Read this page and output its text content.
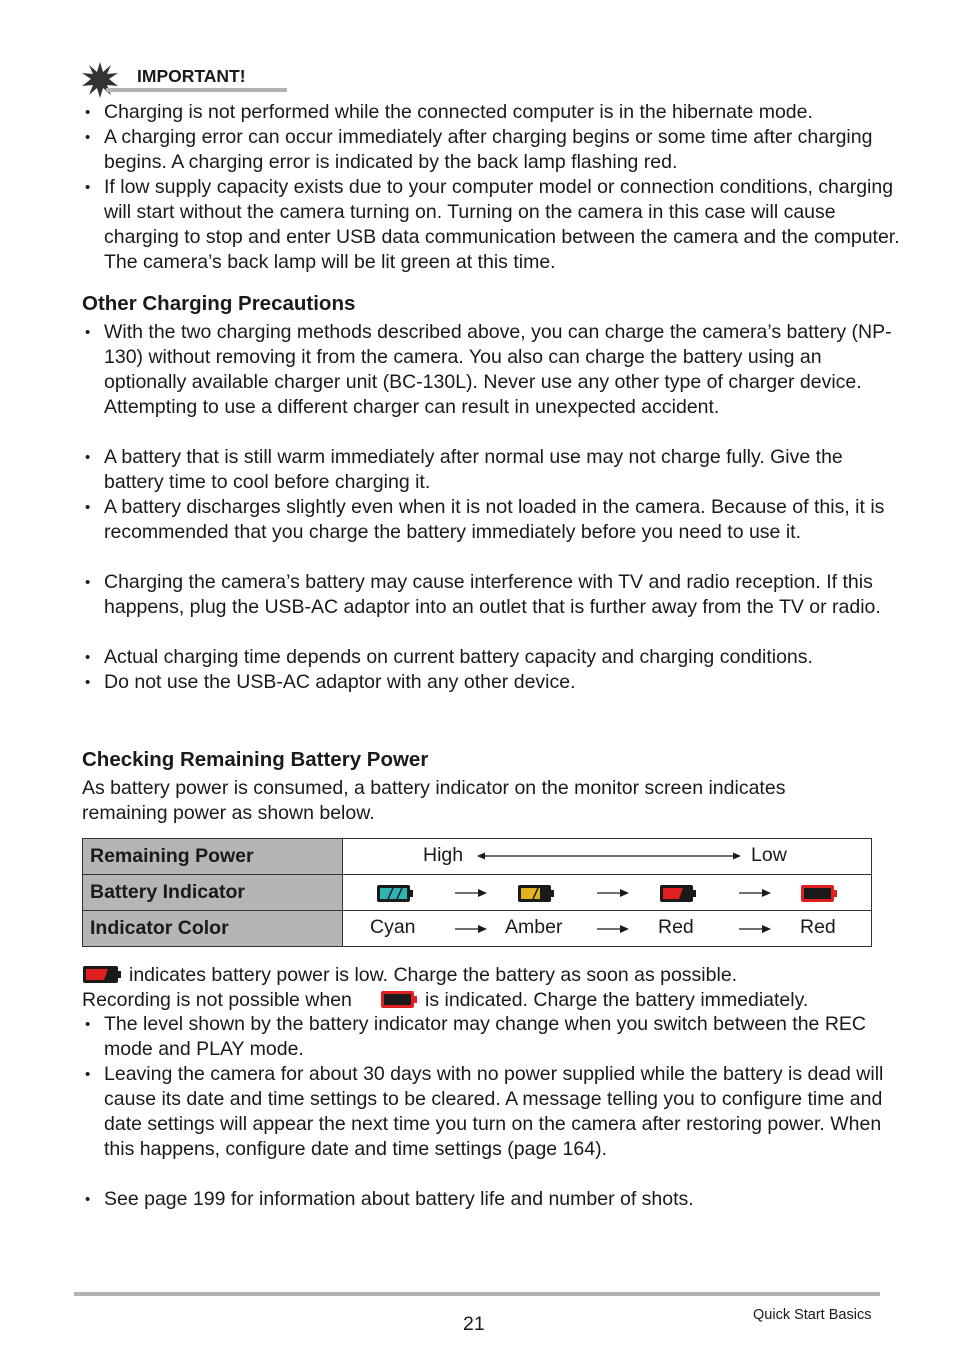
IMPORTANT!
• Charging is not performed while the connected computer is in the hibernate mode.
• A charging error can occur immediately after charging begins or some time after charging begins. A charging error is indicated by the back lamp flashing red.
• If low supply capacity exists due to your computer model or connection conditions, charging will start without the camera turning on. Turning on the camera in this case will cause charging to stop and enter USB data communication between the camera and the computer. The camera’s back lamp will be lit green at this time.
Other Charging Precautions
• With the two charging methods described above, you can charge the camera’s battery (NP-130) without removing it from the camera. You also can charge the battery using an optionally available charger unit (BC-130L). Never use any other type of charger device. Attempting to use a different charger can result in unexpected accident.
• A battery that is still warm immediately after normal use may not charge fully. Give the battery time to cool before charging it.
• A battery discharges slightly even when it is not loaded in the camera. Because of this, it is recommended that you charge the battery immediately before you need to use it.
• Charging the camera’s battery may cause interference with TV and radio reception. If this happens, plug the USB-AC adaptor into an outlet that is further away from the TV or radio.
• Actual charging time depends on current battery capacity and charging conditions.
• Do not use the USB-AC adaptor with any other device.
Checking Remaining Battery Power
As battery power is consumed, a battery indicator on the monitor screen indicates remaining power as shown below.
Remaining Power	High Low

Battery Indicator	

Indicator Color	Cyan Amber Red Red
indicates battery power is low. Charge the battery as soon as possible.
Recording is not possible when	is indicated. Charge the battery immediately.
• The level shown by the battery indicator may change when you switch between the REC mode and PLAY mode.
• Leaving the camera for about 30 days with no power supplied while the battery is dead will cause its date and time settings to be cleared. A message telling you to configure time and date settings will appear the next time you turn on the camera after restoring power. When this happens, configure date and time settings (page 164).
• See page 199 for information about battery life and number of shots.
21	Quick Start Basics
